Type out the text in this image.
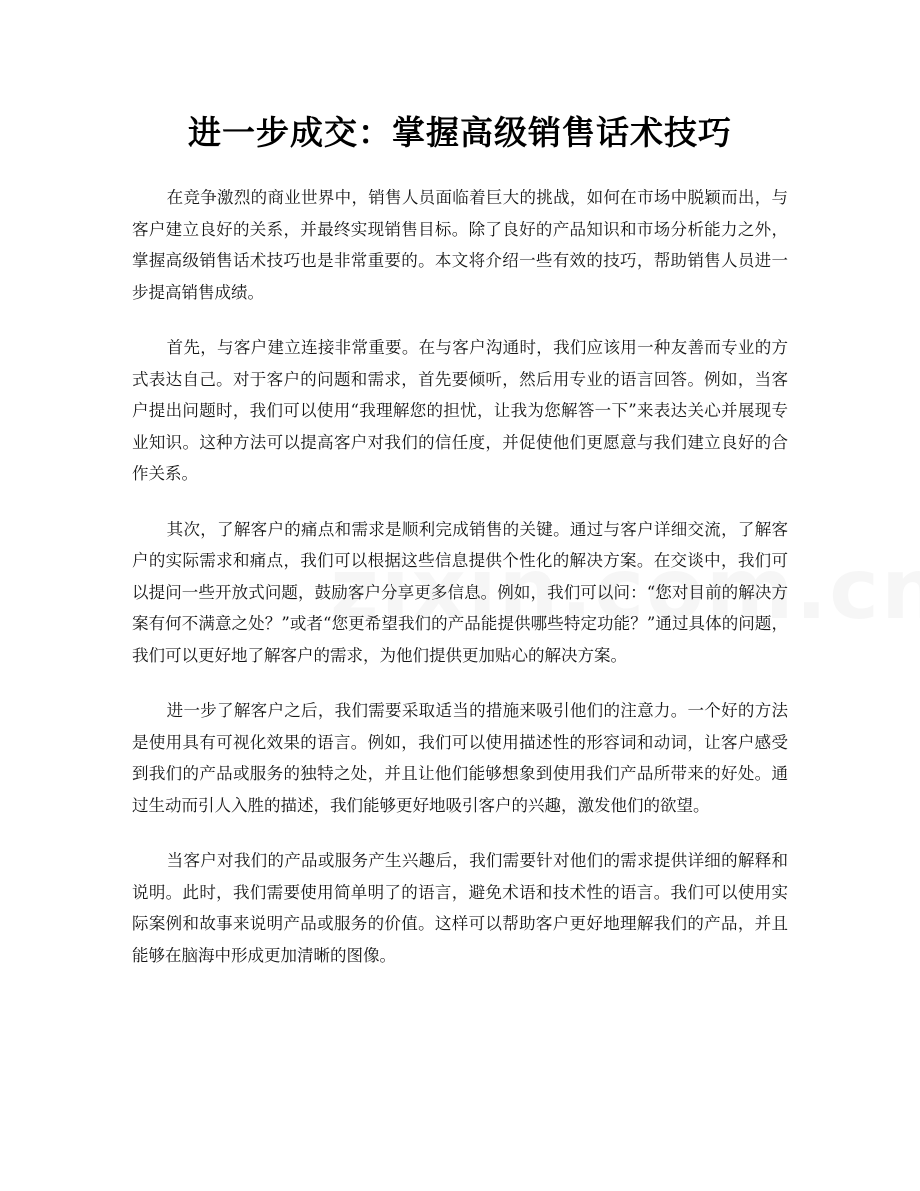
进一步成交：掌握高级销售话术技巧

在竞争激烈的商业世界中，销售人员面临着巨大的挑战，如何在市场中脱颖而出，与客户建立良好的关系，并最终实现销售目标。除了良好的产品知识和市场分析能力之外，掌握高级销售话术技巧也是非常重要的。本文将介绍一些有效的技巧，帮助销售人员进一步提高销售成绩。

首先，与客户建立连接非常重要。在与客户沟通时，我们应该用一种友善而专业的方式表达自己。对于客户的问题和需求，首先要倾听，然后用专业的语言回答。例如，当客户提出问题时，我们可以使用“我理解您的担忧，让我为您解答一下”来表达关心并展现专业知识。这种方法可以提高客户对我们的信任度，并促使他们更愿意与我们建立良好的合作关系。

其次，了解客户的痛点和需求是顺利完成销售的关键。通过与客户详细交流，了解客户的实际需求和痛点，我们可以根据这些信息提供个性化的解决方案。在交谈中，我们可以提问一些开放式问题，鼓励客户分享更多信息。例如，我们可以问：“您对目前的解决方案有何不满意之处？”或者“您更希望我们的产品能提供哪些特定功能？”通过具体的问题，我们可以更好地了解客户的需求，为他们提供更加贴心的解决方案。

进一步了解客户之后，我们需要采取适当的措施来吸引他们的注意力。一个好的方法是使用具有可视化效果的语言。例如，我们可以使用描述性的形容词和动词，让客户感受到我们的产品或服务的独特之处，并且让他们能够想象到使用我们产品所带来的好处。通过生动而引人入胜的描述，我们能够更好地吸引客户的兴趣，激发他们的欲望。

当客户对我们的产品或服务产生兴趣后，我们需要针对他们的需求提供详细的解释和说明。此时，我们需要使用简单明了的语言，避免术语和技术性的语言。我们可以使用实际案例和故事来说明产品或服务的价值。这样可以帮助客户更好地理解我们的产品，并且能够在脑海中形成更加清晰的图像。
